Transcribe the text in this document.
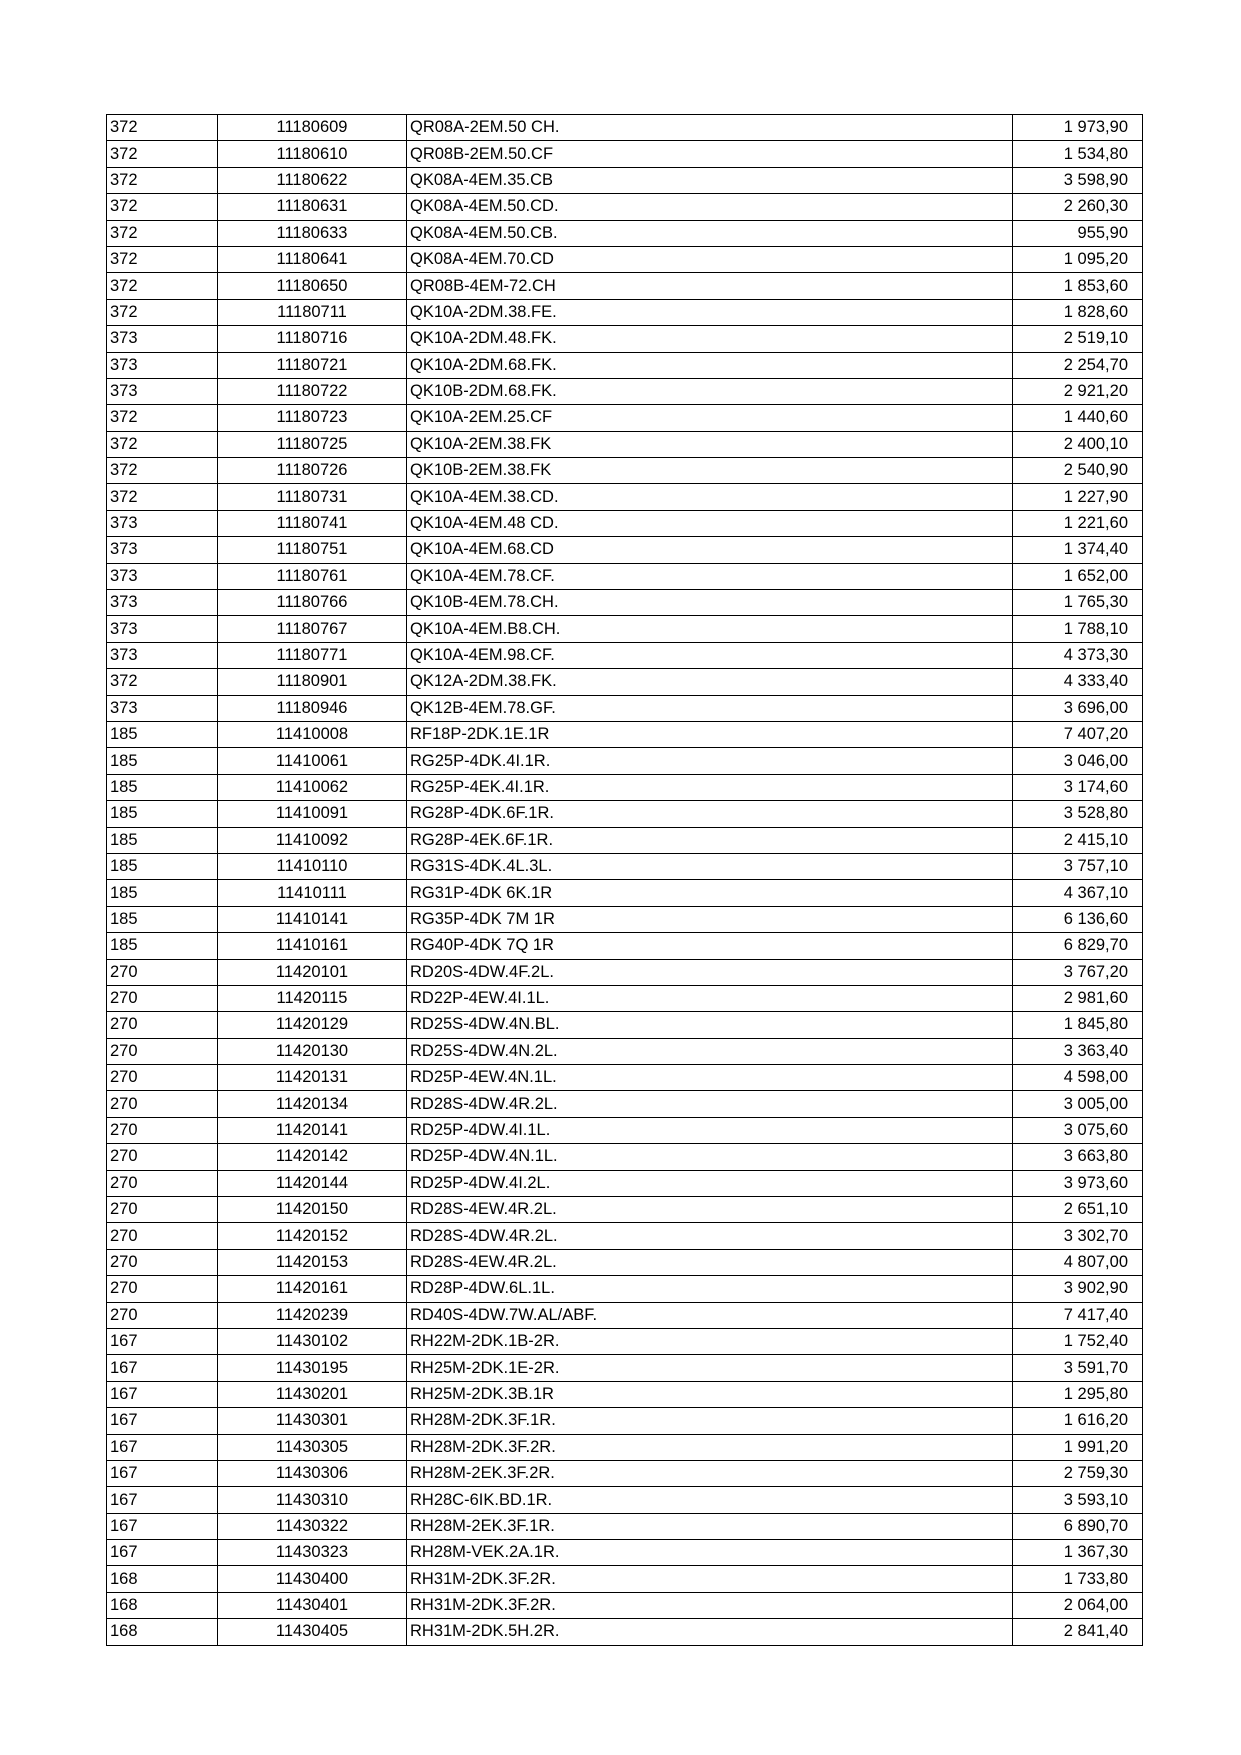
372	11180609	QR08A-2EM.50 CH.	1 973,90
372	11180610	QR08B-2EM.50.CF	1 534,80
372	11180622	QK08A-4EM.35.CB	3 598,90
372	11180631	QK08A-4EM.50.CD.	2 260,30
372	11180633	QK08A-4EM.50.CB.	955,90
372	11180641	QK08A-4EM.70.CD	1 095,20
372	11180650	QR08B-4EM-72.CH	1 853,60
372	11180711	QK10A-2DM.38.FE.	1 828,60
373	11180716	QK10A-2DM.48.FK.	2 519,10
373	11180721	QK10A-2DM.68.FK.	2 254,70
373	11180722	QK10B-2DM.68.FK.	2 921,20
372	11180723	QK10A-2EM.25.CF	1 440,60
372	11180725	QK10A-2EM.38.FK	2 400,10
372	11180726	QK10B-2EM.38.FK	2 540,90
372	11180731	QK10A-4EM.38.CD.	1 227,90
373	11180741	QK10A-4EM.48 CD.	1 221,60
373	11180751	QK10A-4EM.68.CD	1 374,40
373	11180761	QK10A-4EM.78.CF.	1 652,00
373	11180766	QK10B-4EM.78.CH.	1 765,30
373	11180767	QK10A-4EM.B8.CH.	1 788,10
373	11180771	QK10A-4EM.98.CF.	4 373,30
372	11180901	QK12A-2DM.38.FK.	4 333,40
373	11180946	QK12B-4EM.78.GF.	3 696,00
185	11410008	RF18P-2DK.1E.1R	7 407,20
185	11410061	RG25P-4DK.4I.1R.	3 046,00
185	11410062	RG25P-4EK.4I.1R.	3 174,60
185	11410091	RG28P-4DK.6F.1R.	3 528,80
185	11410092	RG28P-4EK.6F.1R.	2 415,10
185	11410110	RG31S-4DK.4L.3L.	3 757,10
185	11410111	RG31P-4DK 6K.1R	4 367,10
185	11410141	RG35P-4DK 7M 1R	6 136,60
185	11410161	RG40P-4DK 7Q 1R	6 829,70
270	11420101	RD20S-4DW.4F.2L.	3 767,20
270	11420115	RD22P-4EW.4I.1L.	2 981,60
270	11420129	RD25S-4DW.4N.BL.	1 845,80
270	11420130	RD25S-4DW.4N.2L.	3 363,40
270	11420131	RD25P-4EW.4N.1L.	4 598,00
270	11420134	RD28S-4DW.4R.2L.	3 005,00
270	11420141	RD25P-4DW.4I.1L.	3 075,60
270	11420142	RD25P-4DW.4N.1L.	3 663,80
270	11420144	RD25P-4DW.4I.2L.	3 973,60
270	11420150	RD28S-4EW.4R.2L.	2 651,10
270	11420152	RD28S-4DW.4R.2L.	3 302,70
270	11420153	RD28S-4EW.4R.2L.	4 807,00
270	11420161	RD28P-4DW.6L.1L.	3 902,90
270	11420239	RD40S-4DW.7W.AL/ABF.	7 417,40
167	11430102	RH22M-2DK.1B-2R.	1 752,40
167	11430195	RH25M-2DK.1E-2R.	3 591,70
167	11430201	RH25M-2DK.3B.1R	1 295,80
167	11430301	RH28M-2DK.3F.1R.	1 616,20
167	11430305	RH28M-2DK.3F.2R.	1 991,20
167	11430306	RH28M-2EK.3F.2R.	2 759,30
167	11430310	RH28C-6IK.BD.1R.	3 593,10
167	11430322	RH28M-2EK.3F.1R.	6 890,70
167	11430323	RH28M-VEK.2A.1R.	1 367,30
168	11430400	RH31M-2DK.3F.2R.	1 733,80
168	11430401	RH31M-2DK.3F.2R.	2 064,00
168	11430405	RH31M-2DK.5H.2R.	2 841,40
